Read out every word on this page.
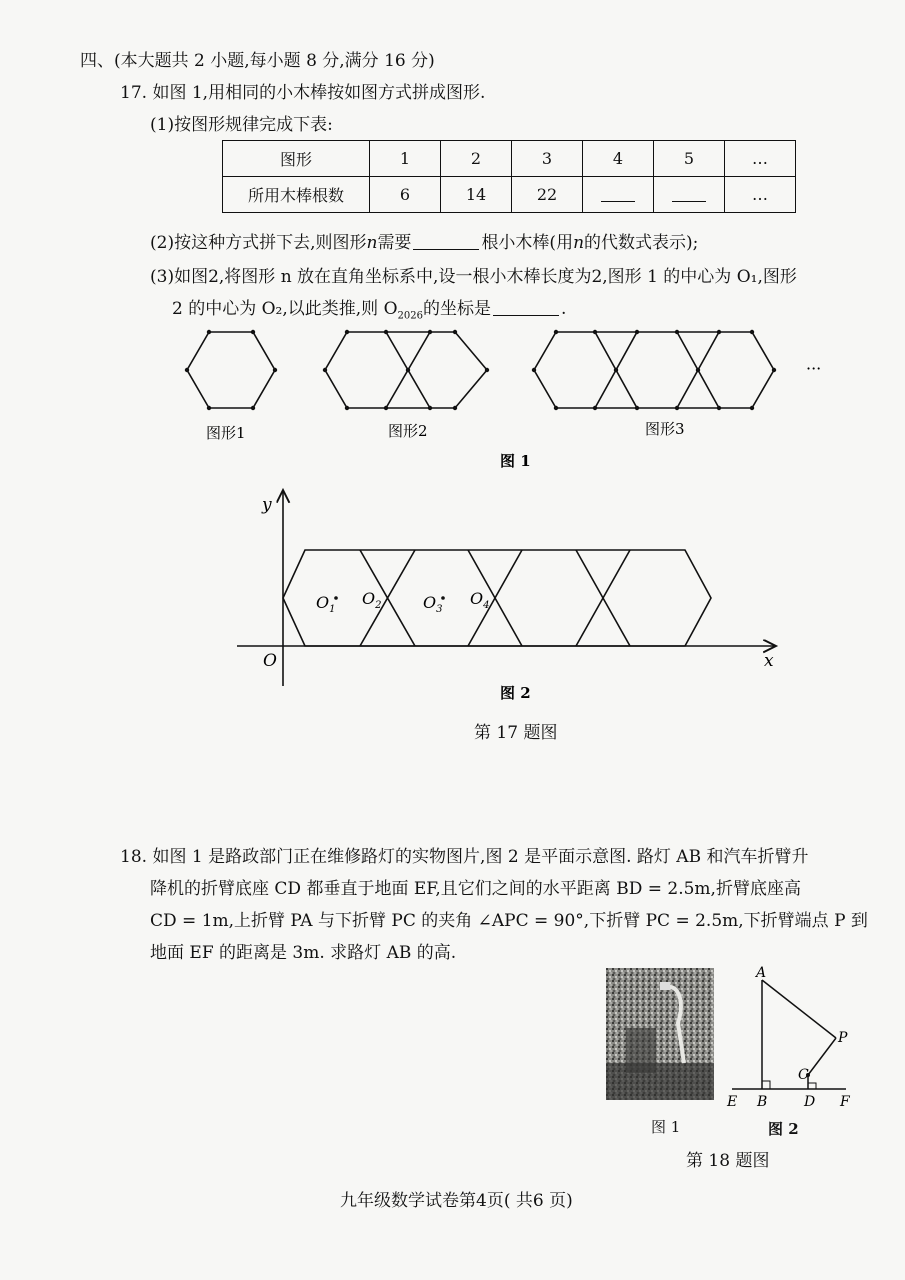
四、(本大题共 2 小题,每小题 8 分,满分 16 分)
17. 如图 1,用相同的小木棒按如图方式拼成图形.
(1)按图形规律完成下表:
图形	1	2	3	4	5	…
所用木棒根数	6	14	22			…
(2)按这种方式拼下去,则图形n需要	根小木棒(用n的代数式表示);
(3)如图2,将图形 n 放在直角坐标系中,设一根小木棒长度为2,图形 1 的中心为 O₁,图形
2 的中心为 O₂,以此类推,则 $O_{2026}$的坐标是	.
图形1	图形2	图形3
···
图 1
y
x
O
$O_1$
$O_2$	$O_3$
$O_4$
图 2
第 17 题图
18. 如图 1 是路政部门正在维修路灯的实物图片,图 2 是平面示意图. 路灯 AB 和汽车折臂升
降机的折臂底座 CD 都垂直于地面 EF,且它们之间的水平距离 BD = 2.5m,折臂底座高
CD = 1m,上折臂 PA 与下折臂 PC 的夹角 ∠APC = 90°,下折臂 PC = 2.5m,下折臂端点 P 到
地面 EF 的距离是 3m. 求路灯 AB 的高.
图 1
A
P
C
E B	D F
图 2
第 18 题图
九年级数学试卷第4页( 共6 页)
